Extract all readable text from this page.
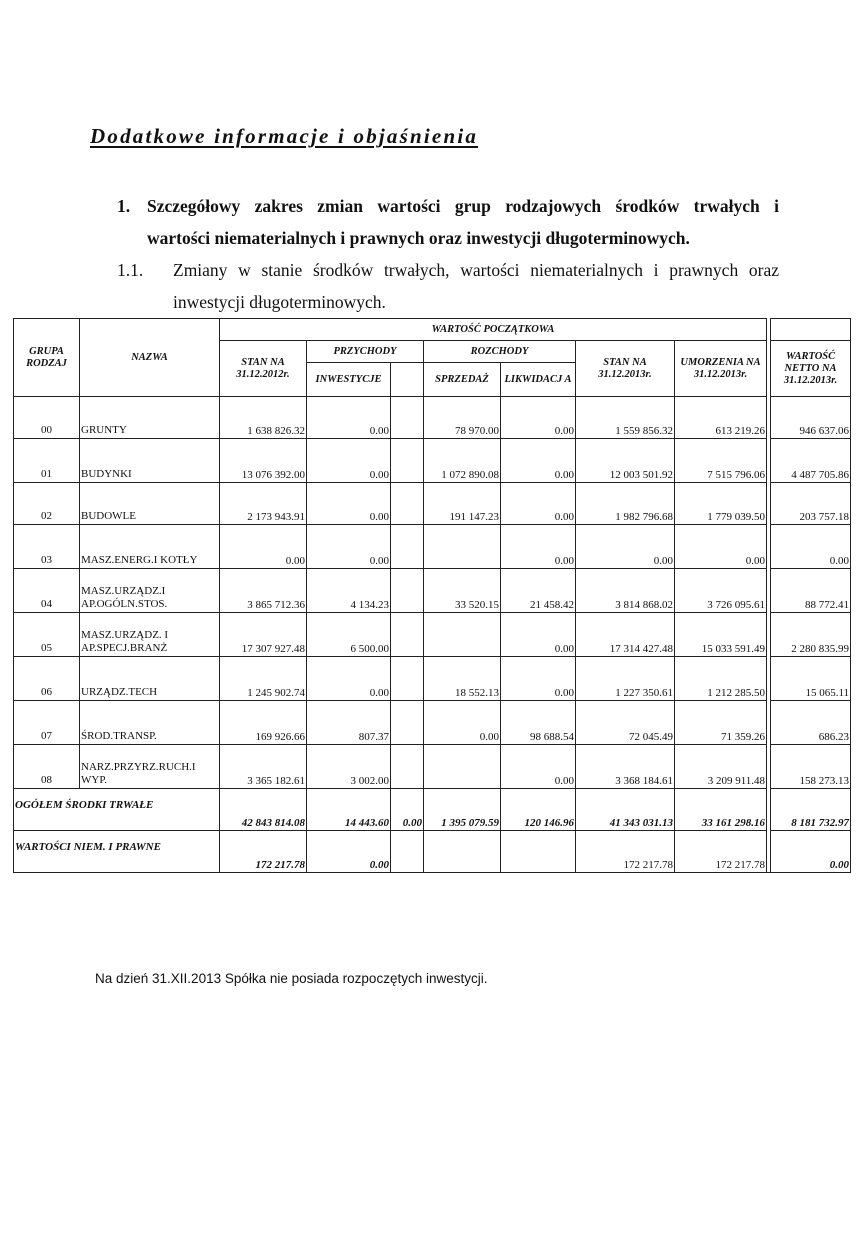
Dodatkowe informacje i objaśnienia
1. Szczegółowy zakres zmian wartości grup rodzajowych środków trwałych i
wartości niematerialnych i prawnych oraz inwestycji długoterminowych.
1.1. Zmiany w stanie środków trwałych, wartości niematerialnych i prawnych oraz
inwestycji długoterminowych.
GRUPA RODZAJ	NAZWA	WARTOŚĆ POCZĄTKOWA								
		STAN NA 31.12.2012r.	PRZYCHODY		ROZCHODY		STAN NA 31.12.2013r.	UMORZENIA NA 31.12.2013r.		WARTOŚĆ NETTO NA 31.12.2013r.
			INWESTYCJE		SPRZEDAŻ	LIKWIDACJ A				
00	GRUNTY	1 638 826.32	0.00		78 970.00	0.00	1 559 856.32	613 219.26		946 637.06
01	BUDYNKI	13 076 392.00	0.00		1 072 890.08	0.00	12 003 501.92	7 515 796.06		4 487 705.86
02	BUDOWLE	2 173 943.91	0.00		191 147.23	0.00	1 982 796.68	1 779 039.50		203 757.18
03	MASZ.ENERG.I KOTŁY	0.00	0.00			0.00	0.00	0.00		0.00
04	MASZ.URZĄDZ.I AP.OGÓLN.STOS.	3 865 712.36	4 134.23		33 520.15	21 458.42	3 814 868.02	3 726 095.61		88 772.41
05	MASZ.URZĄDZ. I AP.SPECJ.BRANŻ	17 307 927.48	6 500.00			0.00	17 314 427.48	15 033 591.49		2 280 835.99
06	URZĄDZ.TECH	1 245 902.74	0.00		18 552.13	0.00	1 227 350.61	1 212 285.50		15 065.11
07	ŚROD.TRANSP.	169 926.66	807.37		0.00	98 688.54	72 045.49	71 359.26		686.23
08	NARZ.PRZYRZ.RUCH.I WYP.	3 365 182.61	3 002.00			0.00	3 368 184.61	3 209 911.48		158 273.13
OGÓŁEM ŚRODKI TRWAŁE		42 843 814.08	14 443.60	0.00	1 395 079.59	120 146.96	41 343 031.13	33 161 298.16		8 181 732.97
WARTOŚCI NIEM. I PRAWNE		172 217.78	0.00				172 217.78	172 217.78		0.00
Na dzień 31.XII.2013 Spółka nie posiada rozpoczętych inwestycji.
